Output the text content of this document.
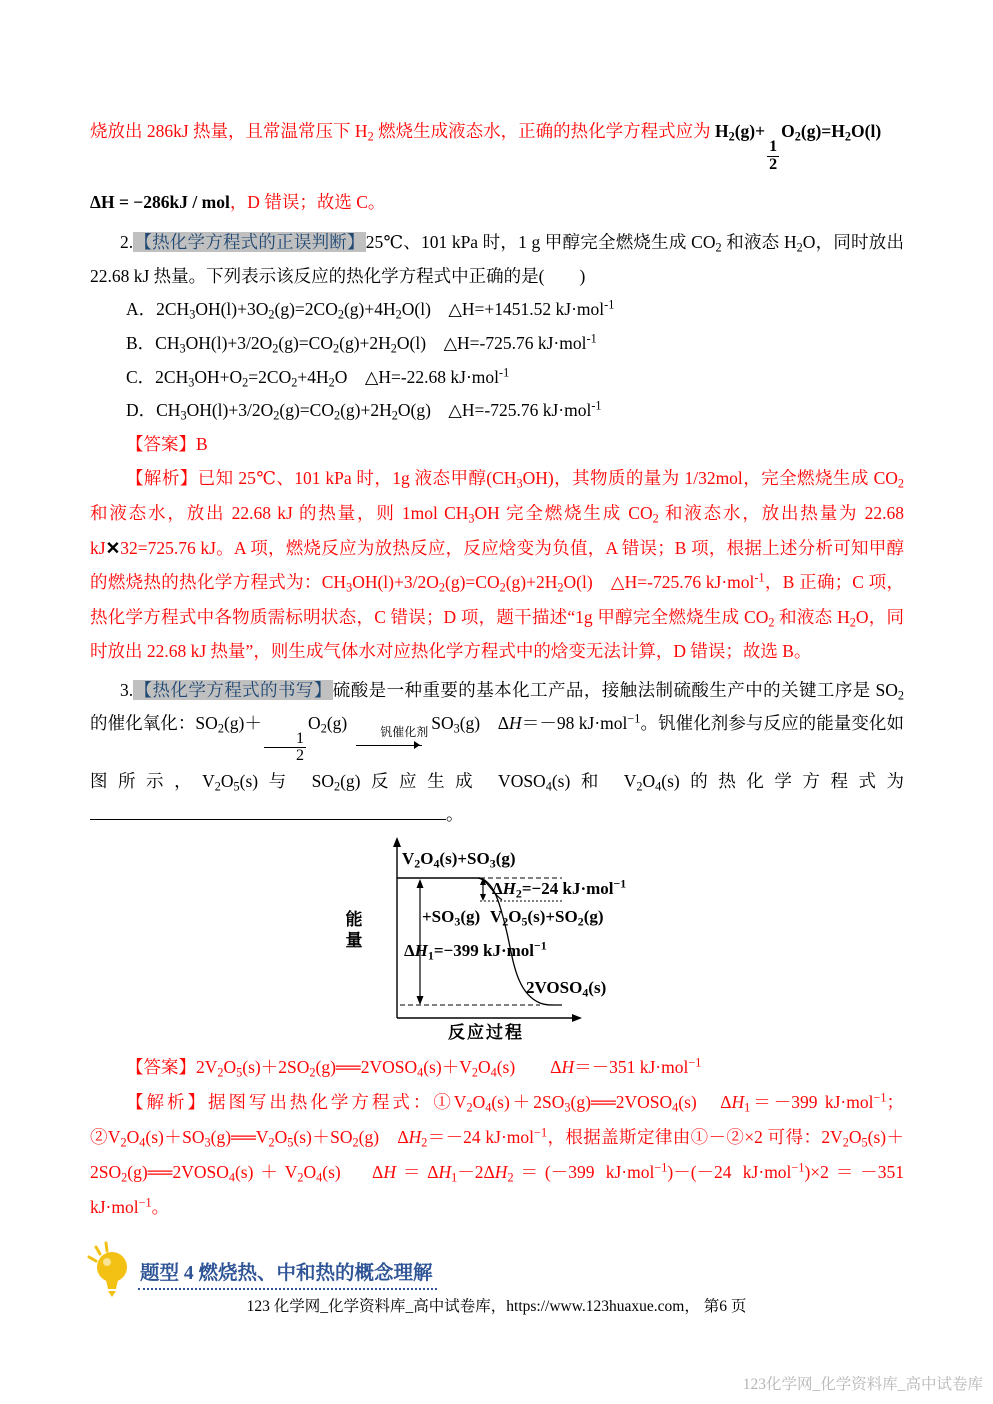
烧放出 286kJ 热量，且常温常压下 $H_2$ 燃烧生成液态水，正确的热化学方程式应为 $H_2(g)+$
$\frac{1}{2}$
$O_2(g)=H_2O(l)$

ΔH = −286kJ / mol，D 错误；故选 C。

2.【热化学方程式的正误判断】25℃、101 kPa 时，1 g 甲醇完全燃烧生成 $CO_2$ 和液态 $H_2O$，同时放出 22.68 kJ 热量。下列表示该反应的热化学方程式中正确的是(　　)

A．$2CH_3OH(l)+3O_2(g)=2CO_2(g)+4H_2O(l)$　△H=+1451.52 kJ·mol$^{-1}$

B．$CH_3OH(l)+3/2O_2(g)=CO_2(g)+2H_2O(l)$　△H=-725.76 kJ·mol$^{-1}$

C．$2CH_3OH+O_2=2CO_2+4H_2O$　△H=-22.68 kJ·mol$^{-1}$

D．$CH_3OH(l)+3/2O_2(g)=CO_2(g)+2H_2O(g)$　△H=-725.76 kJ·mol$^{-1}$

【答案】B

【解析】已知 25℃、101 kPa 时，1g 液态甲醇$(CH_3OH)$，其物质的量为 1/32mol，完全燃烧生成 $CO_2$ 和液态水，放出 22.68 kJ 的热量，则 1mol $CH_3OH$ 完全燃烧生成 $CO_2$ 和液态水，放出热量为 22.68 kJ✕32=725.76 kJ。A 项，燃烧反应为放热反应，反应焓变为负值，A 错误；B 项，根据上述分析可知甲醇的燃烧热的热化学方程式为：$CH_3OH(l)+3/2O_2(g)=CO_2(g)+2H_2O(l)$　△H=-725.76 kJ·mol$^{-1}$，B 正确；C 项，热化学方程式中各物质需标明状态，C 错误；D 项，题干描述“1g 甲醇完全燃烧生成 $CO_2$ 和液态 $H_2O$，同时放出 22.68 kJ 热量”，则生成气体水对应热化学方程式中的焓变无法计算，D 错误；故选 B。

3.【热化学方程式的书写】硫酸是一种重要的基本化工产品，接触法制硫酸生产中的关键工序是 $SO_2$ 的催化氧化：$SO_2(g)+$
$\frac{1}{2}$
$O_2(g)$	钒催化剂 $SO_3(g)$　ΔH＝－98 kJ·mol$^{-1}$。钒催化剂参与反应的能量变化如图所示，$V_2O_5(s)$与 $SO_2(g)$反应生成 $VOSO_4(s)$和 $V_2O_4(s)$的热化学方程式为。

$V_2O_4(s)+SO_3(g)$
$\Delta H_2=-24$ kJ·mol$^{-1}$
$V_2O_5(s)+SO_2(g)$
$+SO_3(g)$
$\Delta H_1=-399$ kJ·mol$^{-1}$
$2VOSO_4(s)$
能量
反应过程

【答案】$2V_2O_5(s)+2SO_2(g)══2VOSO_4(s)+V_2O_4(s)$　　ΔH＝－351 kJ·mol$^{-1}$

【解析】据图写出热化学方程式：$①V_2O_4(s)+2SO_3(g)══2VOSO_4(s)$　$\Delta H_1=-399$ kJ·mol$^{-1}$；$②V_2O_4(s)+SO_3(g)══V_2O_5(s)+SO_2(g)$　$\Delta H_2=-24$ kJ·mol$^{-1}$，根据盖斯定律由①－②×2 可得：$2V_2O_5(s)+2SO_2(g)══2VOSO_4(s)+V_2O_4(s)$　$\Delta H=\Delta H_1-2\Delta H_2=(-399$ kJ·mol$^{-1}$)－(－24 kJ·mol$^{-1}$)×2＝－351 kJ·mol$^{-1}$。

题型 4 燃烧热、中和热的概念理解
123 化学网_化学资料库_高中试卷库，https://www.123huaxue.com， 第6 页
123化学网_化学资料库_高中试卷库
